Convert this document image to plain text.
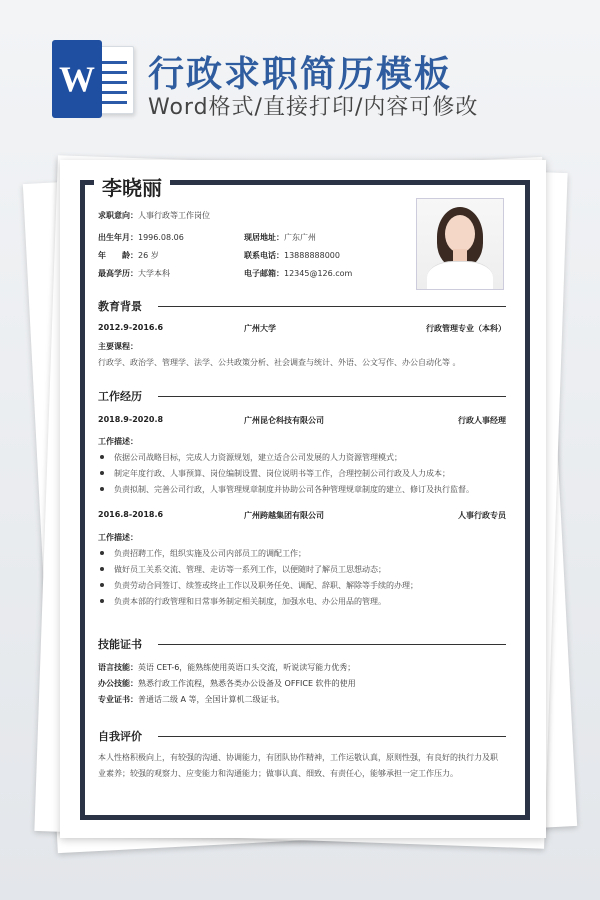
W 行政求职简历模板
Word格式/直接打印/内容可修改
李晓丽
求职意向：人事行政等工作岗位
出生年月：1996.08.06	现居地址：广东广州
年　　龄：26 岁	联系电话：13888888000
最高学历：大学本科	电子邮箱：12345@126.com
教育背景
2012.9-2016.6	广州大学	行政管理专业（本科）
主要课程：
行政学、政治学、管理学、法学、公共政策分析、社会调查与统计、外语、公文写作、办公自动化等 。
工作经历
2018.9-2020.8	广州昆仑科技有限公司	行政人事经理
工作描述：
依据公司战略目标，完成人力资源规划，建立适合公司发展的人力资源管理模式；
制定年度行政、人事预算、岗位编制设置、岗位说明书等工作，合理控制公司行政及人力成本；
负责拟制、完善公司行政，人事管理规章制度并协助公司各种管理规章制度的建立、修订及执行监督。
2016.8-2018.6	广州跨越集团有限公司	人事行政专员
工作描述：
负责招聘工作，组织实施及公司内部员工的调配工作；
做好员工关系交流、管理、走访等一系列工作，以便随时了解员工思想动态；
负责劳动合同签订、续签或终止工作以及职务任免、调配、辞职、解除等手续的办理；
负责本部的行政管理和日常事务制定相关制度，加强水电、办公用品的管理。
技能证书
语言技能：英语 CET-6，能熟练使用英语口头交流，听说读写能力优秀；
办公技能：熟悉行政工作流程，熟悉各类办公设备及 OFFICE 软件的使用
专业证书：普通话二级 A 等，全国计算机二级证书。
自我评价
本人性格积极向上，有较强的沟通、协调能力，有团队协作精神，工作运敬认真，原则性强，有良好的执行力及职业素养；较强的观察力、应变能力和沟通能力；做事认真、细致、有责任心，能够承担一定工作压力。
